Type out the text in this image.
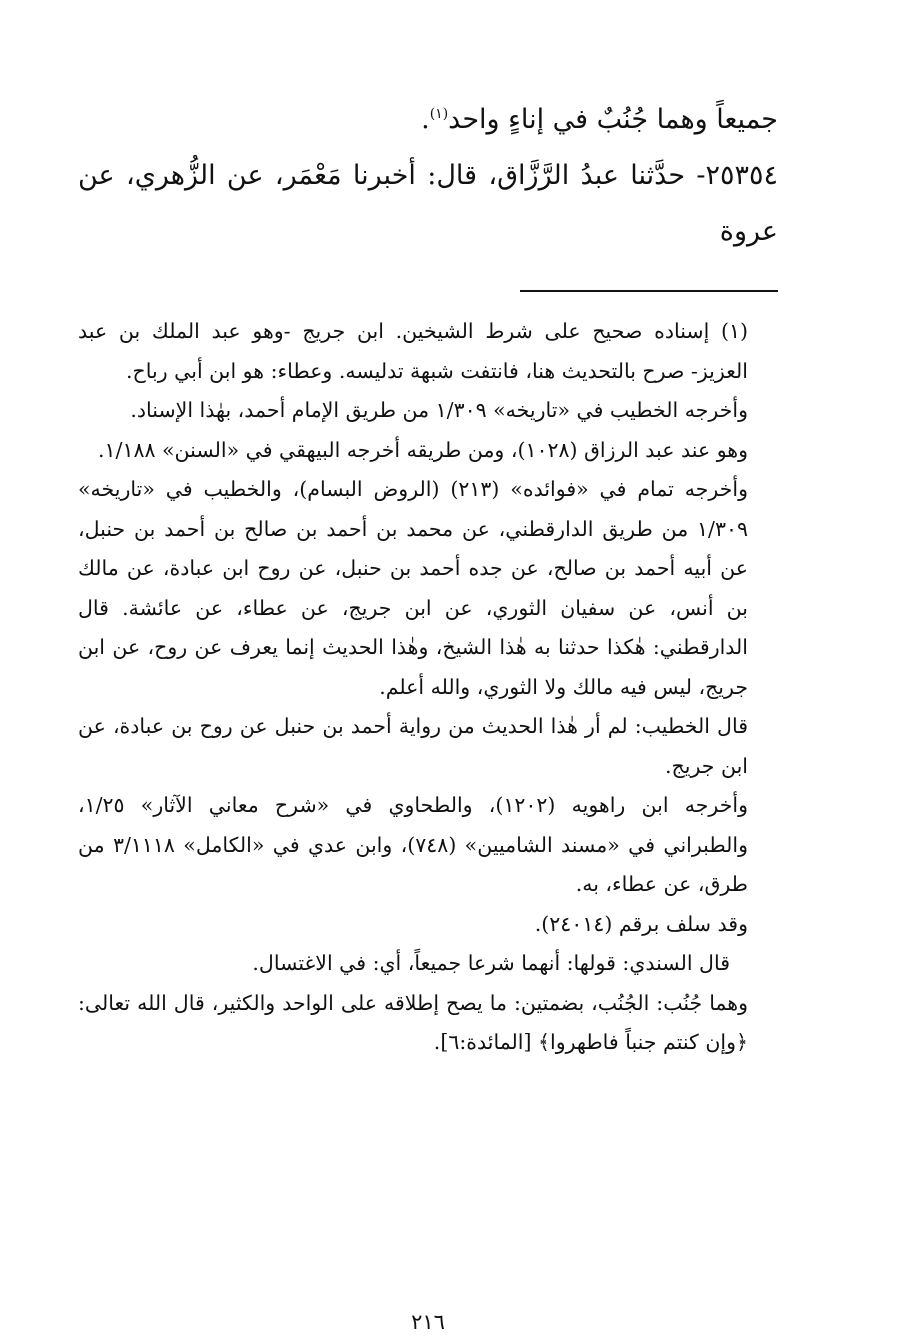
جميعاً وهما جُنُبٌ في إناءٍ واحد$^{(١)}$.

٢٥٣٥٤- حدَّثنا عبدُ الرَّزَّاق، قال: أخبرنا مَعْمَر، عن الزُّهري، عن عروة

(١) إسناده صحيح على شرط الشيخين. ابن جريج -وهو عبد الملك بن عبد العزيز- صرح بالتحديث هنا، فانتفت شبهة تدليسه. وعطاء: هو ابن أبي رباح.

وأخرجه الخطيب في «تاريخه» ١/٣٠٩ من طريق الإمام أحمد، بهٰذا الإسناد.

وهو عند عبد الرزاق (١٠٢٨)، ومن طريقه أخرجه البيهقي في «السنن» ١/١٨٨.

وأخرجه تمام في «فوائده» (٢١٣) (الروض البسام)، والخطيب في «تاريخه» ١/٣٠٩ من طريق الدارقطني، عن محمد بن أحمد بن صالح بن أحمد بن حنبل، عن أبيه أحمد بن صالح، عن جده أحمد بن حنبل، عن روح ابن عبادة، عن مالك بن أنس، عن سفيان الثوري، عن ابن جريج، عن عطاء، عن عائشة. قال الدارقطني: هٰكذا حدثنا به هٰذا الشيخ، وهٰذا الحديث إنما يعرف عن روح، عن ابن جريج، ليس فيه مالك ولا الثوري، والله أعلم.

قال الخطيب: لم أر هٰذا الحديث من رواية أحمد بن حنبل عن روح بن عبادة، عن ابن جريج.

وأخرجه ابن راهويه (١٢٠٢)، والطحاوي في «شرح معاني الآثار» ١/٢٥، والطبراني في «مسند الشاميين» (٧٤٨)، وابن عدي في «الكامل» ٣/١١١٨ من طرق، عن عطاء، به.

وقد سلف برقم (٢٤٠١٤).

قال السندي: قولها: أنهما شرعا جميعاً، أي: في الاغتسال.

وهما جُنُب: الجُنُب، بضمتين: ما يصح إطلاقه على الواحد والكثير، قال الله تعالى: ﴿وإن كنتم جنباً فاطهروا﴾ [المائدة:٦].

٢١٦
